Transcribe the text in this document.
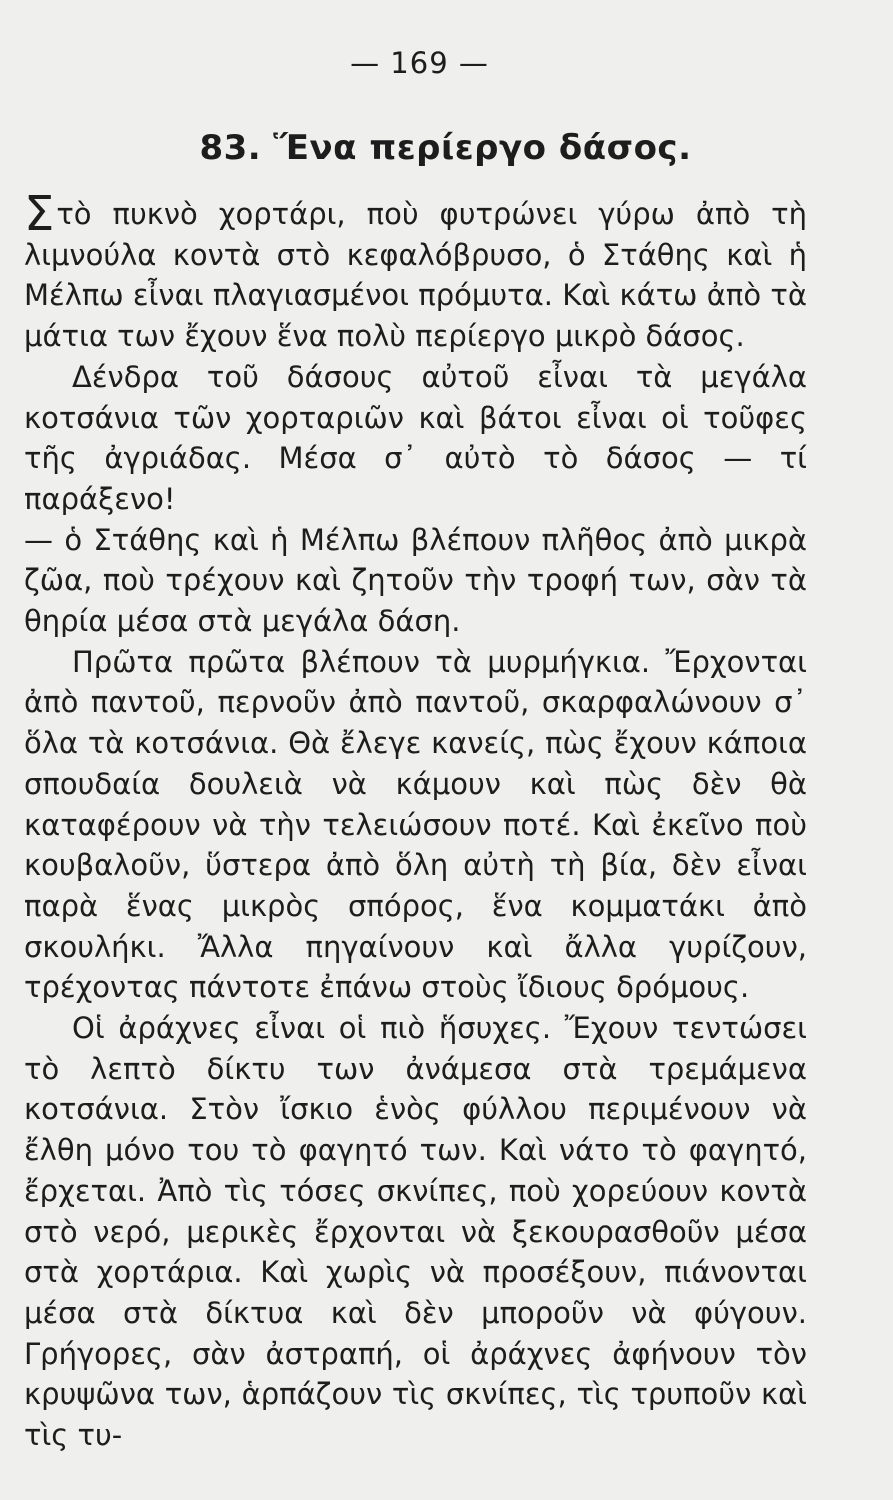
— 169 —
83. Ἕνα περίεργο δάσος.

Στὸ πυκνὸ χορτάρι, ποὺ φυτρώνει γύρω ἀπὸ τὴ λιμνούλα κοντὰ στὸ κεφαλόβρυσο, ὁ Στάθης καὶ ἡ Μέλπω εἶναι πλαγιασμένοι πρόμυτα. Καὶ κάτω ἀπὸ τὰ μάτια των ἔχουν ἕνα πολὺ περίεργο μικρὸ δάσος.

Δένδρα τοῦ δάσους αὐτοῦ εἶναι τὰ μεγάλα κοτσάνια τῶν χορταριῶν καὶ βάτοι εἶναι οἱ τοῦφες τῆς ἀγριάδας. Μέσα σ᾿ αὐτὸ τὸ δάσος — τί παράξενο!

— ὁ Στάθης καὶ ἡ Μέλπω βλέπουν πλῆθος ἀπὸ μικρὰ ζῶα, ποὺ τρέχουν καὶ ζητοῦν τὴν τροφή των, σὰν τὰ θηρία μέσα στὰ μεγάλα δάση.

Πρῶτα πρῶτα βλέπουν τὰ μυρμήγκια. Ἔρχονται ἀπὸ παντοῦ, περνοῦν ἀπὸ παντοῦ, σκαρφαλώνουν σ᾿ ὅλα τὰ κοτσάνια. Θὰ ἔλεγε κανείς, πὼς ἔχουν κάποια σπουδαία δουλειὰ νὰ κάμουν καὶ πὼς δὲν θὰ καταφέρουν νὰ τὴν τελειώσουν ποτέ. Καὶ ἐκεῖνο ποὺ κουβαλοῦν, ὕστερα ἀπὸ ὅλη αὐτὴ τὴ βία, δὲν εἶναι παρὰ ἕνας μικρὸς σπόρος, ἕνα κομματάκι ἀπὸ σκουλήκι. Ἄλλα πηγαίνουν καὶ ἄλλα γυρίζουν, τρέχοντας πάντοτε ἐπάνω στοὺς ἴδιους δρόμους.

Οἱ ἀράχνες εἶναι οἱ πιὸ ἥσυχες. Ἔχουν τεντώσει τὸ λεπτὸ δίκτυ των ἀνάμεσα στὰ τρεμάμενα κοτσάνια. Στὸν ἴσκιο ἑνὸς φύλλου περιμένουν νὰ ἔλθη μόνο του τὸ φαγητό των. Καὶ νάτο τὸ φαγητό, ἔρχεται. Ἀπὸ τὶς τόσες σκνίπες, ποὺ χορεύουν κοντὰ στὸ νερό, μερικὲς ἔρχονται νὰ ξεκουρασθοῦν μέσα στὰ χορτάρια. Καὶ χωρὶς νὰ προσέξουν, πιάνονται μέσα στὰ δίκτυα καὶ δὲν μποροῦν νὰ φύγουν. Γρήγορες, σὰν ἀστραπή, οἱ ἀράχνες ἀφήνουν τὸν κρυψῶνα των, ἁρπάζουν τὶς σκνίπες, τὶς τρυποῦν καὶ τὶς τυ-
